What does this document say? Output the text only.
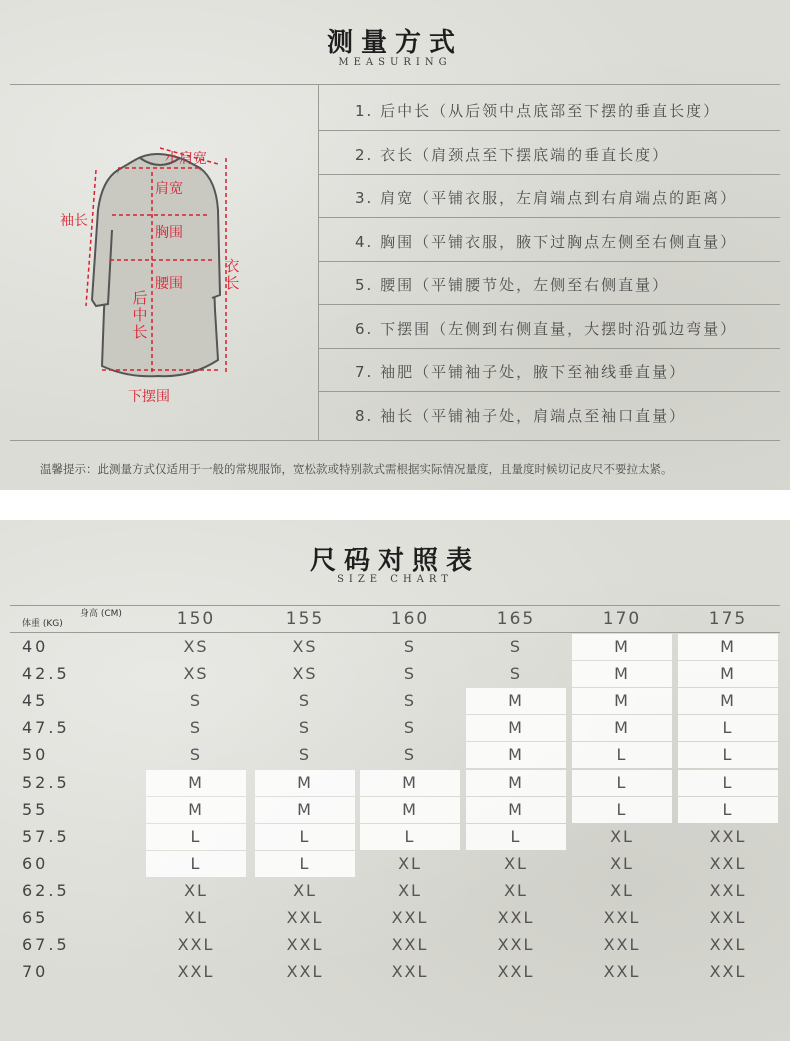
测量方式
MEASURING
1. 后中长（从后领中点底部至下摆的垂直长度）
2. 衣长（肩颈点至下摆底端的垂直长度）
3. 肩宽（平铺衣服，左肩端点到右肩端点的距离）
4. 胸围（平铺衣服，腋下过胸点左侧至右侧直量）
5. 腰围（平铺腰节处，左侧至右侧直量）
6. 下摆围（左侧到右侧直量，大摆时沿弧边弯量）
7. 袖肥（平铺袖子处，腋下至袖线垂直量）
8. 袖长（平铺袖子处，肩端点至袖口直量）
小肩宽
肩宽
袖长
胸围
衣长
腰围
后中长
下摆围
温馨提示：此测量方式仅适用于一般的常规服饰，宽松款或特别款式需根据实际情况量度，且量度时候切记皮尺不要拉太紧。
尺码对照表
SIZE CHART
体重 (KG)
身高 (CM)	150	155	160	165	170	175
40	XS	XS	S	S	M	M
42.5	XS	XS	S	S	M	M
45	S	S	S	M	M	M
47.5	S	S	S	M	M	L
50	S	S	S	M	L	L
52.5	M	M	M	M	L	L
55	M	M	M	M	L	L
57.5	L	L	L	L	XL	XXL
60	L	L	XL	XL	XL	XXL
62.5	XL	XL	XL	XL	XL	XXL
65	XL	XXL	XXL	XXL	XXL	XXL
67.5	XXL	XXL	XXL	XXL	XXL	XXL
70	XXL	XXL	XXL	XXL	XXL	XXL
